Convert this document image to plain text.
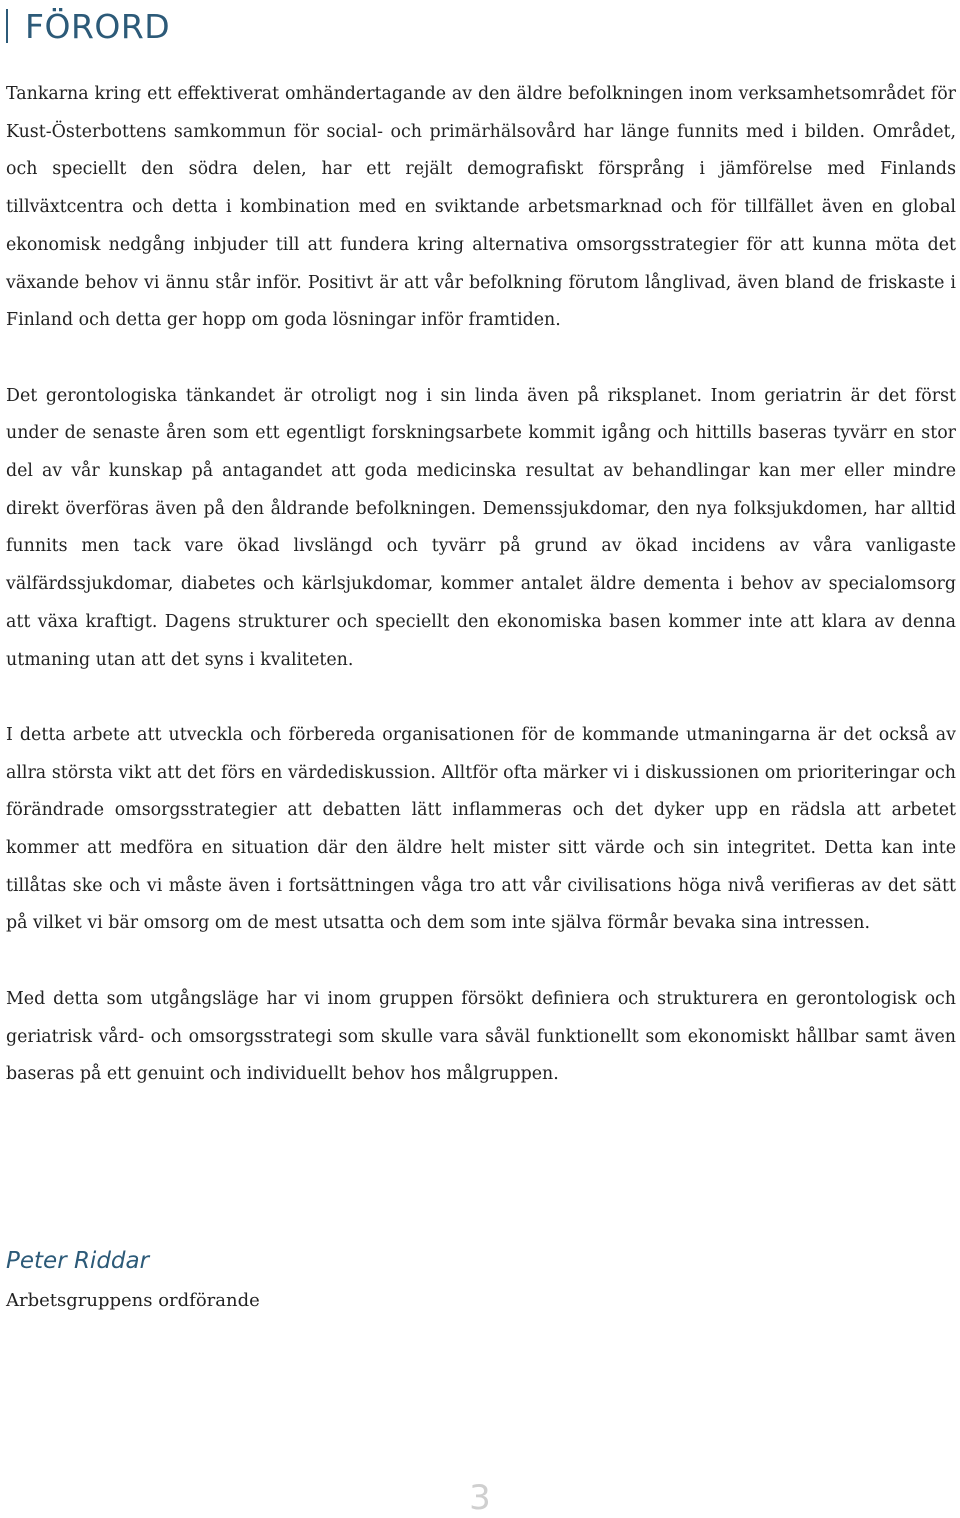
FÖRORD

Tankarna kring ett effektiverat omhändertagande av den äldre befolkningen inom verksamhetsområdet för Kust-Österbottens samkommun för social- och primärhälsovård har länge funnits med i bilden. Området, och speciellt den södra delen, har ett rejält demografiskt försprång i jämförelse med Finlands tillväxtcentra och detta i kombination med en sviktande arbetsmarknad och för tillfället även en global ekonomisk nedgång inbjuder till att fundera kring alternativa omsorgsstrategier för att kunna möta det växande behov vi ännu står inför. Positivt är att vår befolkning förutom långlivad, även bland de friskaste i Finland och detta ger hopp om goda lösningar inför framtiden.

Det gerontologiska tänkandet är otroligt nog i sin linda även på riksplanet. Inom geriatrin är det först under de senaste åren som ett egentligt forskningsarbete kommit igång och hittills baseras tyvärr en stor del av vår kunskap på antagandet att goda medicinska resultat av behandlingar kan mer eller mindre direkt överföras även på den åldrande befolkningen. Demenssjukdomar, den nya folksjukdomen, har alltid funnits men tack vare ökad livslängd och tyvärr på grund av ökad incidens av våra vanligaste välfärdssjukdomar, diabetes och kärlsjukdomar, kommer antalet äldre dementa i behov av specialomsorg att växa kraftigt. Dagens strukturer och speciellt den ekonomiska basen kommer inte att klara av denna utmaning utan att det syns i kvaliteten.

I detta arbete att utveckla och förbereda organisationen för de kommande utmaningarna är det också av allra största vikt att det förs en värdediskussion. Alltför ofta märker vi i diskussionen om prioriteringar och förändrade omsorgsstrategier att debatten lätt inflammeras och det dyker upp en rädsla att arbetet kommer att medföra en situation där den äldre helt mister sitt värde och sin integritet. Detta kan inte tillåtas ske och vi måste även i fortsättningen våga tro att vår civilisations höga nivå verifieras av det sätt på vilket vi bär omsorg om de mest utsatta och dem som inte själva förmår bevaka sina intressen.

Med detta som utgångsläge har vi inom gruppen försökt definiera och strukturera en gerontologisk och geriatrisk vård- och omsorgsstrategi som skulle vara såväl funktionellt som ekonomiskt hållbar samt även baseras på ett genuint och individuellt behov hos målgruppen.

Peter Riddar
Arbetsgruppens ordförande
3
